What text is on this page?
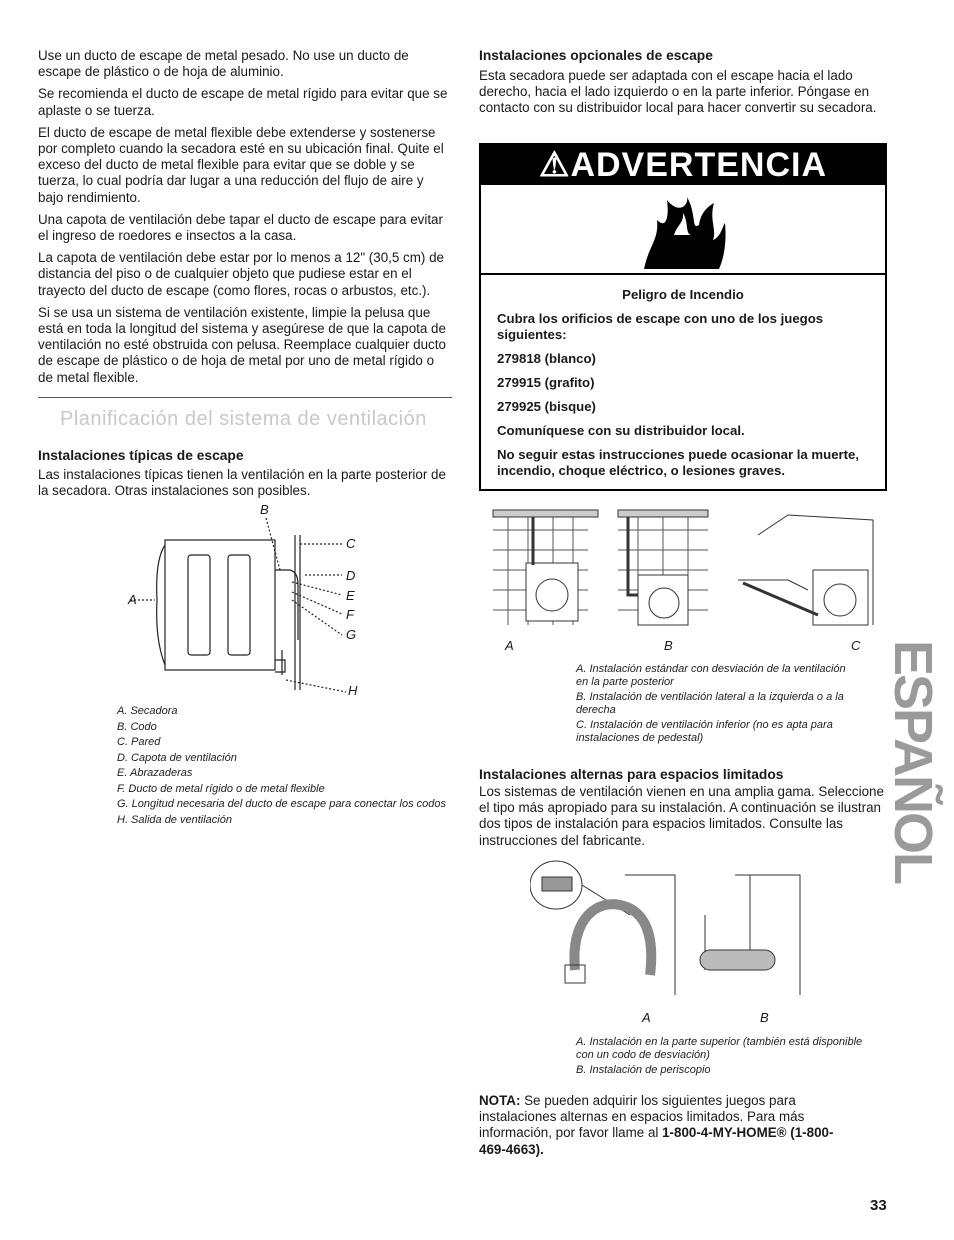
Use un ducto de escape de metal pesado. No use un ducto de escape de plástico o de hoja de aluminio.

Se recomienda el ducto de escape de metal rígido para evitar que se aplaste o se tuerza.

El ducto de escape de metal flexible debe extenderse y sostenerse por completo cuando la secadora esté en su ubicación final. Quite el exceso del ducto de metal flexible para evitar que se doble y se tuerza, lo cual podría dar lugar a una reducción del flujo de aire y bajo rendimiento.

Una capota de ventilación debe tapar el ducto de escape para evitar el ingreso de roedores e insectos a la casa.

La capota de ventilación debe estar por lo menos a 12" (30,5 cm) de distancia del piso o de cualquier objeto que pudiese estar en el trayecto del ducto de escape (como flores, rocas o arbustos, etc.).

Si se usa un sistema de ventilación existente, limpie la pelusa que está en toda la longitud del sistema y asegúrese de que la capota de ventilación no esté obstruida con pelusa. Reemplace cualquier ducto de escape de plástico o de hoja de metal por uno de metal rígido o de metal flexible.

Planificación del sistema de ventilación
Instalaciones típicas de escape

Las instalaciones típicas tienen la ventilación en la parte posterior de la secadora. Otras instalaciones son posibles.

A
B
C
D
E
F
G
H
A. Secadora
B. Codo
C. Pared
D. Capota de ventilación
E. Abrazaderas
F. Ducto de metal rígido o de metal flexible
G. Longitud necesaria del ducto de escape para conectar los codos
H. Salida de ventilación
Instalaciones opcionales de escape

Esta secadora puede ser adaptada con el escape hacia el lado derecho, hacia el lado izquierdo o en la parte inferior. Póngase en contacto con su distribuidor local para hacer convertir su secadora.

⚠ADVERTENCIA

Peligro de Incendio

Cubra los orificios de escape con uno de los juegos siguientes:

279818 (blanco)

279915 (grafito)

279925 (bisque)

Comuníquese con su distribuidor local.

No seguir estas instrucciones puede ocasionar la muerte, incendio, choque eléctrico, o lesiones graves.

A	B	C
A. Instalación estándar con desviación de la ventilación en la parte posterior
B. Instalación de ventilación lateral a la izquierda o a la derecha
C. Instalación de ventilación inferior (no es apta para instalaciones de pedestal)
Instalaciones alternas para espacios limitados

Los sistemas de ventilación vienen en una amplia gama. Seleccione el tipo más apropiado para su instalación. A continuación se ilustran dos tipos de instalación para espacios limitados. Consulte las instrucciones del fabricante.

A	B
A. Instalación en la parte superior (también está disponible con un codo de desviación)
B. Instalación de periscopio

NOTA: Se pueden adquirir los siguientes juegos para instalaciones alternas en espacios limitados. Para más información, por favor llame al 1-800-4-MY-HOME® (1-800-469-4663).

ESPAÑOL
33
